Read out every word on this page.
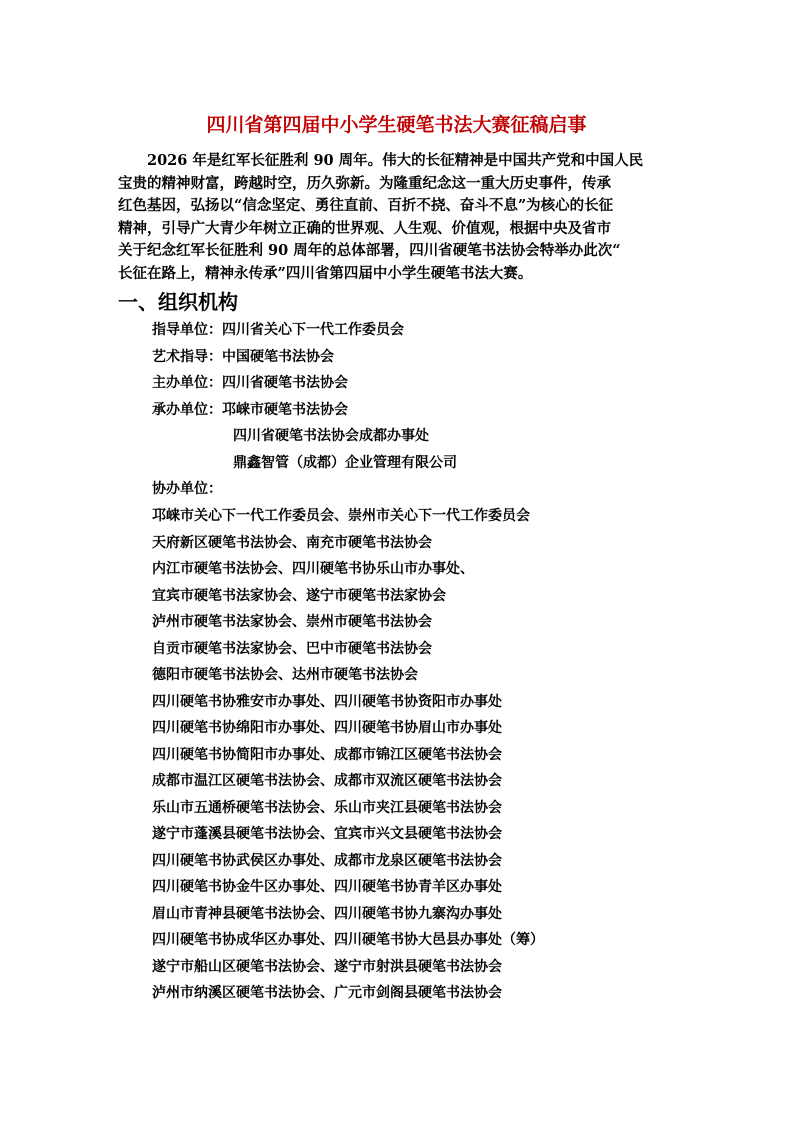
四川省第四届中小学生硬笔书法大赛征稿启事
2026 年是红军长征胜利 90 周年。伟大的长征精神是中国共产党和中国人民
宝贵的精神财富，跨越时空，历久弥新。为隆重纪念这一重大历史事件，传承
红色基因，弘扬以“信念坚定、勇往直前、百折不挠、奋斗不息”为核心的长征
精神，引导广大青少年树立正确的世界观、人生观、价值观，根据中央及省市
关于纪念红军长征胜利 90 周年的总体部署，四川省硬笔书法协会特举办此次“
长征在路上，精神永传承”四川省第四届中小学生硬笔书法大赛。
一、组织机构
指导单位：四川省关心下一代工作委员会
艺术指导：中国硬笔书法协会
主办单位：四川省硬笔书法协会
承办单位：邛崃市硬笔书法协会
四川省硬笔书法协会成都办事处
鼎鑫智管（成都）企业管理有限公司
协办单位：
邛崃市关心下一代工作委员会、崇州市关心下一代工作委员会
天府新区硬笔书法协会、南充市硬笔书法协会
内江市硬笔书法协会、四川硬笔书协乐山市办事处、
宜宾市硬笔书法家协会、遂宁市硬笔书法家协会
泸州市硬笔书法家协会、崇州市硬笔书法协会
自贡市硬笔书法家协会、巴中市硬笔书法协会
德阳市硬笔书法协会、达州市硬笔书法协会
四川硬笔书协雅安市办事处、四川硬笔书协资阳市办事处
四川硬笔书协绵阳市办事处、四川硬笔书协眉山市办事处
四川硬笔书协简阳市办事处、成都市锦江区硬笔书法协会
成都市温江区硬笔书法协会、成都市双流区硬笔书法协会
乐山市五通桥硬笔书法协会、乐山市夹江县硬笔书法协会
遂宁市蓬溪县硬笔书法协会、宜宾市兴文县硬笔书法协会
四川硬笔书协武侯区办事处、成都市龙泉区硬笔书法协会
四川硬笔书协金牛区办事处、四川硬笔书协青羊区办事处
眉山市青神县硬笔书法协会、四川硬笔书协九寨沟办事处
四川硬笔书协成华区办事处、四川硬笔书协大邑县办事处（筹）
遂宁市船山区硬笔书法协会、遂宁市射洪县硬笔书法协会
泸州市纳溪区硬笔书法协会、广元市剑阁县硬笔书法协会
